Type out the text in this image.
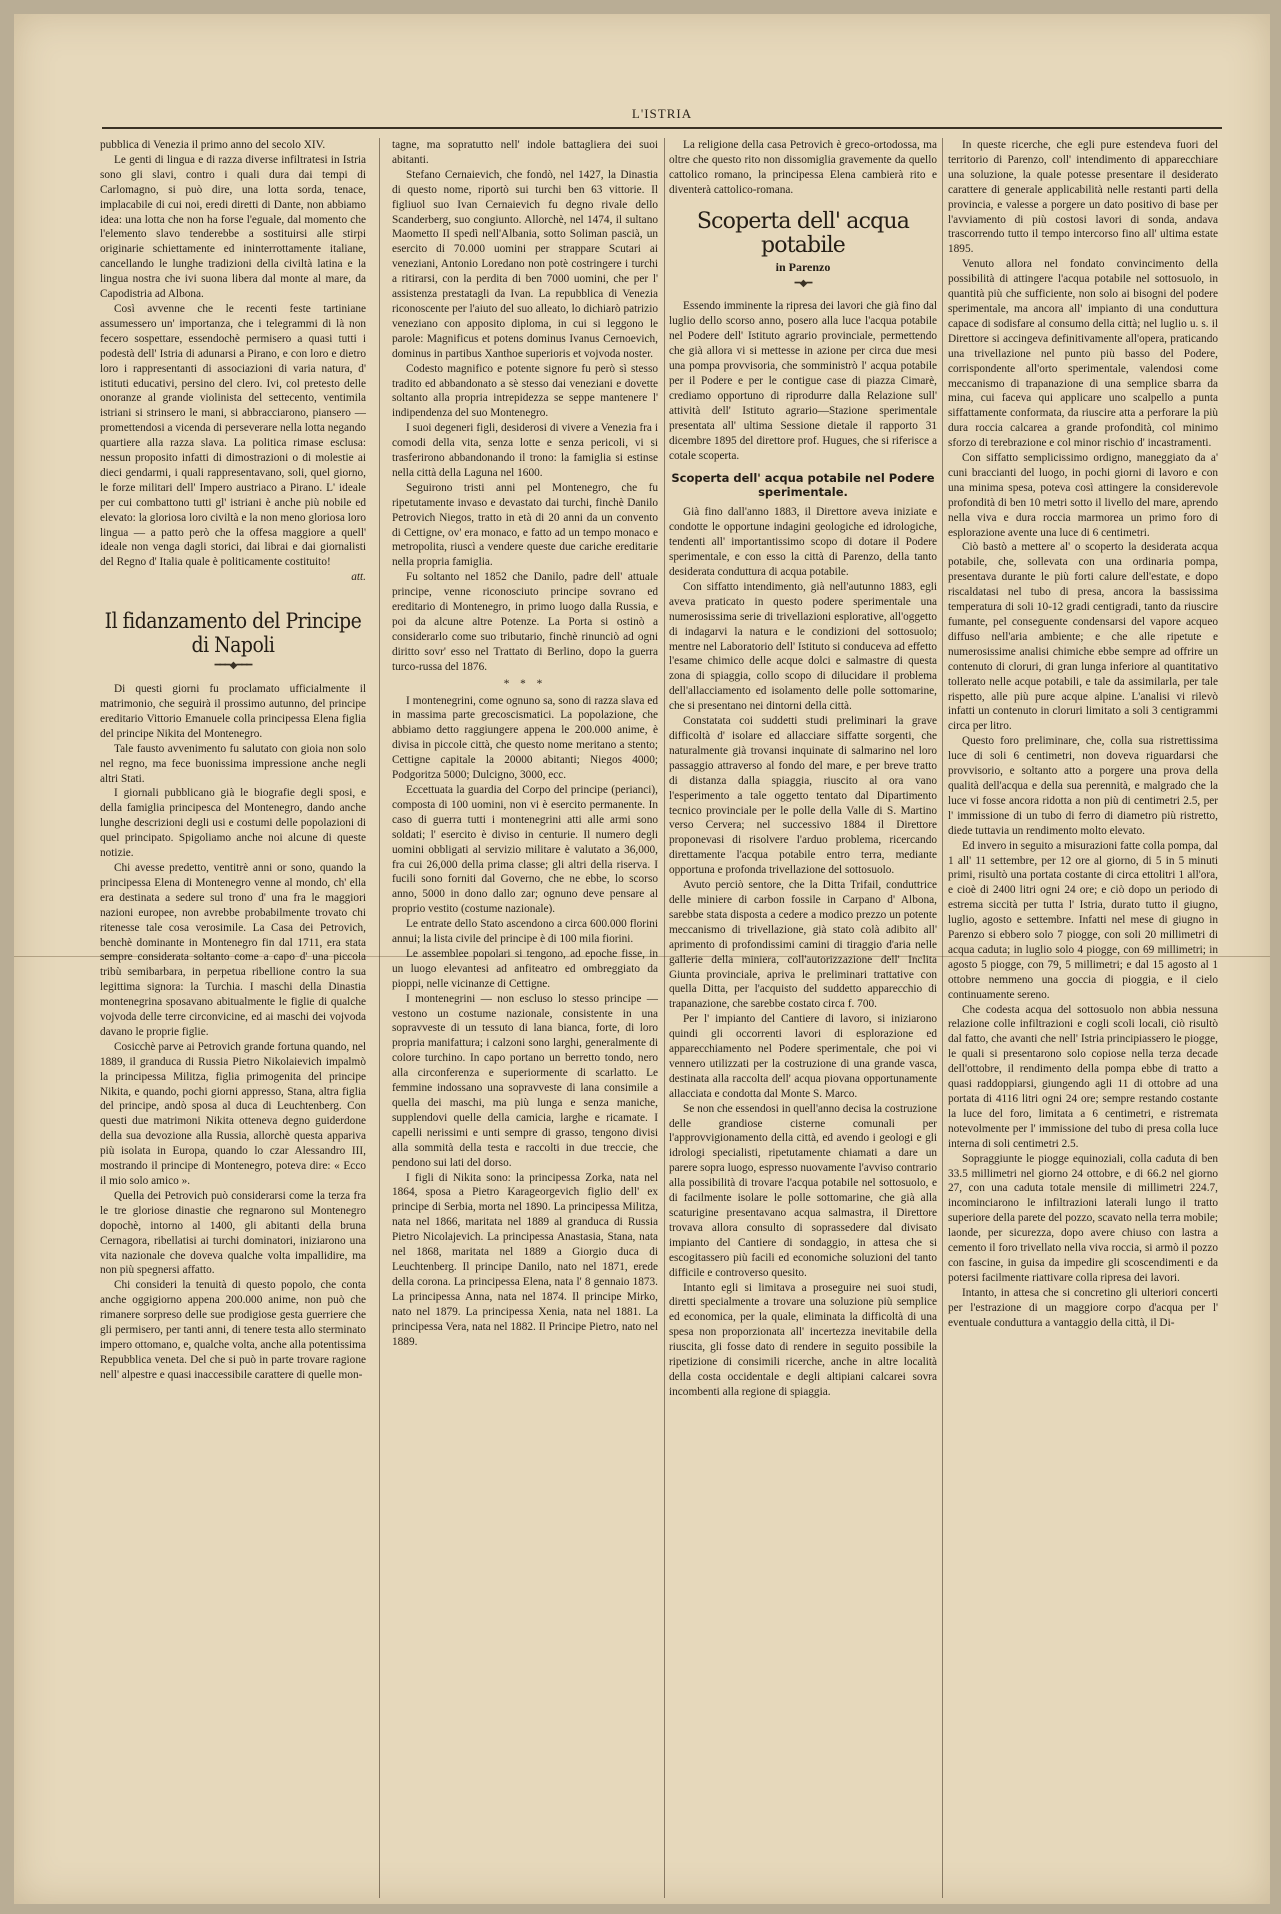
L'ISTRIA

pubblica di Venezia il primo anno del secolo XIV.

Le genti di lingua e di razza diverse infiltratesi in Istria sono gli slavi, contro i quali dura dai tempi di Carlomagno, si può dire, una lotta sorda, tenace, implacabile di cui noi, eredi diretti di Dante, non abbiamo idea: una lotta che non ha forse l'eguale, dal momento che l'elemento slavo tenderebbe a sostituirsi alle stirpi originarie schiettamente ed ininterrottamente italiane, cancellando le lunghe tradizioni della civiltà latina e la lingua nostra che ivi suona libera dal monte al mare, da Capodistria ad Albona.

Così avvenne che le recenti feste tartiniane assumessero un' importanza, che i telegrammi di là non fecero sospettare, essendochè permisero a quasi tutti i podestà dell' Istria di adunarsi a Pirano, e con loro e dietro loro i rappresentanti di associazioni di varia natura, d' istituti educativi, persino del clero. Ivi, col pretesto delle onoranze al grande violinista del settecento, ventimila istriani si strinsero le mani, si abbracciarono, piansero — promettendosi a vicenda di perseverare nella lotta negando quartiere alla razza slava. La politica rimase esclusa: nessun proposito infatti di dimostrazioni o di molestie ai dieci gendarmi, i quali rappresentavano, soli, quel giorno, le forze militari dell' Impero austriaco a Pirano. L' ideale per cui combattono tutti gl' istriani è anche più nobile ed elevato: la gloriosa loro civiltà e la non meno gloriosa loro lingua — a patto però che la offesa maggiore a quell' ideale non venga dagli storici, dai librai e dai giornalisti del Regno d' Italia quale è politicamente costituito!

att.

Il fidanzamento del Principe di Napoli
━━━◆━━━

Di questi giorni fu proclamato ufficialmente il matrimonio, che seguirà il prossimo autunno, del principe ereditario Vittorio Emanuele colla principessa Elena figlia del principe Nikita del Montenegro.

Tale fausto avvenimento fu salutato con gioia non solo nel regno, ma fece buonissima impressione anche negli altri Stati.

I giornali pubblicano già le biografie degli sposi, e della famiglia principesca del Montenegro, dando anche lunghe descrizioni degli usi e costumi delle popolazioni di quel principato. Spigoliamo anche noi alcune di queste notizie.

Chi avesse predetto, ventitrè anni or sono, quando la principessa Elena di Montenegro venne al mondo, ch' ella era destinata a sedere sul trono d' una fra le maggiori nazioni europee, non avrebbe probabilmente trovato chi ritenesse tale cosa verosimile. La Casa dei Petrovich, benchè dominante in Montenegro fin dal 1711, era stata sempre considerata soltanto come a capo d' una piccola tribù semibarbara, in perpetua ribellione contro la sua legittima signora: la Turchia. I maschi della Dinastia montenegrina sposavano abitualmente le figlie di qualche vojvoda delle terre circonvicine, ed ai maschi dei vojvoda davano le proprie figlie.

Cosicchè parve ai Petrovich grande fortuna quando, nel 1889, il granduca di Russia Pietro Nikolaievich impalmò la principessa Militza, figlia primogenita del principe Nikita, e quando, pochi giorni appresso, Stana, altra figlia del principe, andò sposa al duca di Leuchtenberg. Con questi due matrimoni Nikita otteneva degno guiderdone della sua devozione alla Russia, allorchè questa appariva più isolata in Europa, quando lo czar Alessandro III, mostrando il principe di Montenegro, poteva dire: « Ecco il mio solo amico ».

Quella dei Petrovich può considerarsi come la terza fra le tre gloriose dinastie che regnarono sul Montenegro dopochè, intorno al 1400, gli abitanti della bruna Cernagora, ribellatisi ai turchi dominatori, iniziarono una vita nazionale che doveva qualche volta impallidire, ma non più spegnersi affatto.

Chi consideri la tenuità di questo popolo, che conta anche oggigiorno appena 200.000 anime, non può che rimanere sorpreso delle sue prodigiose gesta guerriere che gli permisero, per tanti anni, di tenere testa allo sterminato impero ottomano, e, qualche volta, anche alla potentissima Repubblica veneta. Del che si può in parte trovare ragione nell' alpestre e quasi inaccessibile carattere di quelle mon-

tagne, ma sopratutto nell' indole battagliera dei suoi abitanti.

Stefano Cernaievich, che fondò, nel 1427, la Dinastia di questo nome, riportò sui turchi ben 63 vittorie. Il figliuol suo Ivan Cernaievich fu degno rivale dello Scanderberg, suo congiunto. Allorchè, nel 1474, il sultano Maometto II spedì nell'Albania, sotto Soliman pascià, un esercito di 70.000 uomini per strappare Scutari ai veneziani, Antonio Loredano non potè costringere i turchi a ritirarsi, con la perdita di ben 7000 uomini, che per l' assistenza prestatagli da Ivan. La repubblica di Venezia riconoscente per l'aiuto del suo alleato, lo dichiarò patrizio veneziano con apposito diploma, in cui si leggono le parole: Magnificus et potens dominus Ivanus Cernoevich, dominus in partibus Xanthoe superioris et vojvoda noster.

Codesto magnifico e potente signore fu però sì stesso tradito ed abbandonato a sè stesso dai veneziani e dovette soltanto alla propria intrepidezza se seppe mantenere l' indipendenza del suo Montenegro.

I suoi degeneri figli, desiderosi di vivere a Venezia fra i comodi della vita, senza lotte e senza pericoli, vi si trasferirono abbandonando il trono: la famiglia si estinse nella città della Laguna nel 1600.

Seguirono tristi anni pel Montenegro, che fu ripetutamente invaso e devastato dai turchi, finchè Danilo Petrovich Niegos, tratto in età di 20 anni da un convento di Cettigne, ov' era monaco, e fatto ad un tempo monaco e metropolita, riuscì a vendere queste due cariche ereditarie nella propria famiglia.

Fu soltanto nel 1852 che Danilo, padre dell' attuale principe, venne riconosciuto principe sovrano ed ereditario di Montenegro, in primo luogo dalla Russia, e poi da alcune altre Potenze. La Porta si ostinò a considerarlo come suo tributario, finchè rinunciò ad ogni diritto sovr' esso nel Trattato di Berlino, dopo la guerra turco-russa del 1876.

* * *

I montenegrini, come ognuno sa, sono di razza slava ed in massima parte grecoscismatici. La popolazione, che abbiamo detto raggiungere appena le 200.000 anime, è divisa in piccole città, che questo nome meritano a stento; Cettigne capitale la 20000 abitanti; Niegos 4000; Podgoritza 5000; Dulcigno, 3000, ecc.

Eccettuata la guardia del Corpo del principe (perianci), composta di 100 uomini, non vi è esercito permanente. In caso di guerra tutti i montenegrini atti alle armi sono soldati; l' esercito è diviso in centurie. Il numero degli uomini obbligati al servizio militare è valutato a 36,000, fra cui 26,000 della prima classe; gli altri della riserva. I fucili sono forniti dal Governo, che ne ebbe, lo scorso anno, 5000 in dono dallo zar; ognuno deve pensare al proprio vestito (costume nazionale).

Le entrate dello Stato ascendono a circa 600.000 florini annui; la lista civile del principe è di 100 mila fiorini.

Le assemblee popolari si tengono, ad epoche fisse, in un luogo elevantesi ad anfiteatro ed ombreggiato da pioppi, nelle vicinanze di Cettigne.

I montenegrini — non escluso lo stesso principe — vestono un costume nazionale, consistente in una sopravveste di un tessuto di lana bianca, forte, di loro propria manifattura; i calzoni sono larghi, generalmente di colore turchino. In capo portano un berretto tondo, nero alla circonferenza e superiormente di scarlatto. Le femmine indossano una sopravveste di lana consimile a quella dei maschi, ma più lunga e senza maniche, supplendovi quelle della camicia, larghe e ricamate. I capelli nerissimi e unti sempre di grasso, tengono divisi alla sommità della testa e raccolti in due treccie, che pendono sui lati del dorso.

I figli di Nikita sono: la principessa Zorka, nata nel 1864, sposa a Pietro Karageorgevich figlio dell' ex principe di Serbia, morta nel 1890. La principessa Militza, nata nel 1866, maritata nel 1889 al granduca di Russia Pietro Nicolajevich. La principessa Anastasia, Stana, nata nel 1868, maritata nel 1889 a Giorgio duca di Leuchtenberg. Il principe Danilo, nato nel 1871, erede della corona. La principessa Elena, nata l' 8 gennaio 1873. La principessa Anna, nata nel 1874. Il principe Mirko, nato nel 1879. La principessa Xenia, nata nel 1881. La principessa Vera, nata nel 1882. Il Principe Pietro, nato nel 1889.

La religione della casa Petrovich è greco-ortodossa, ma oltre che questo rito non dissomiglia gravemente da quello cattolico romano, la principessa Elena cambierà rito e diventerà cattolico-romana.

Scoperta dell' acqua potabile
in Parenzo
━◆━

Essendo imminente la ripresa dei lavori che già fino dal luglio dello scorso anno, posero alla luce l'acqua potabile nel Podere dell' Istituto agrario provinciale, permettendo che già allora vi si mettesse in azione per circa due mesi una pompa provvisoria, che somministrò l' acqua potabile per il Podere e per le contigue case di piazza Cimarè, crediamo opportuno di riprodurre dalla Relazione sull' attività dell' Istituto agrario—Stazione sperimentale presentata all' ultima Sessione dietale il rapporto 31 dicembre 1895 del direttore prof. Hugues, che si riferisce a cotale scoperta.

Scoperta dell' acqua potabile nel Podere sperimentale.

Già fino dall'anno 1883, il Direttore aveva iniziate e condotte le opportune indagini geologiche ed idrologiche, tendenti all' importantissimo scopo di dotare il Podere sperimentale, e con esso la città di Parenzo, della tanto desiderata conduttura di acqua potabile.

Con siffatto intendimento, già nell'autunno 1883, egli aveva praticato in questo podere sperimentale una numerosissima serie di trivellazioni esplorative, all'oggetto di indagarvi la natura e le condizioni del sottosuolo; mentre nel Laboratorio dell' Istituto si conduceva ad effetto l'esame chimico delle acque dolci e salmastre di questa zona di spiaggia, collo scopo di dilucidare il problema dell'allacciamento ed isolamento delle polle sottomarine, che si presentano nei dintorni della città.

Constatata coi suddetti studi preliminari la grave difficoltà d' isolare ed allacciare siffatte sorgenti, che naturalmente già trovansi inquinate di salmarino nel loro passaggio attraverso al fondo del mare, e per breve tratto di distanza dalla spiaggia, riuscito al ora vano l'esperimento a tale oggetto tentato dal Dipartimento tecnico provinciale per le polle della Valle di S. Martino verso Cervera; nel successivo 1884 il Direttore proponevasi di risolvere l'arduo problema, ricercando direttamente l'acqua potabile entro terra, mediante opportuna e profonda trivellazione del sottosuolo.

Avuto perciò sentore, che la Ditta Trifail, conduttrice delle miniere di carbon fossile in Carpano d' Albona, sarebbe stata disposta a cedere a modico prezzo un potente meccanismo di trivellazione, già stato colà adibito all' aprimento di profondissimi camini di tiraggio d'aria nelle gallerie della miniera, coll'autorizzazione dell' Inclita Giunta provinciale, apriva le preliminari trattative con quella Ditta, per l'acquisto del suddetto apparecchio di trapanazione, che sarebbe costato circa f. 700.

Per l' impianto del Cantiere di lavoro, si iniziarono quindi gli occorrenti lavori di esplorazione ed apparecchiamento nel Podere sperimentale, che poi vi vennero utilizzati per la costruzione di una grande vasca, destinata alla raccolta dell' acqua piovana opportunamente allacciata e condotta dal Monte S. Marco.

Se non che essendosi in quell'anno decisa la costruzione delle grandiose cisterne comunali per l'approvvigionamento della città, ed avendo i geologi e gli idrologi specialisti, ripetutamente chiamati a dare un parere sopra luogo, espresso nuovamente l'avviso contrario alla possibilità di trovare l'acqua potabile nel sottosuolo, e di facilmente isolare le polle sottomarine, che già alla scaturigine presentavano acqua salmastra, il Direttore trovava allora consulto di soprassedere dal divisato impianto del Cantiere di sondaggio, in attesa che si escogitassero più facili ed economiche soluzioni del tanto difficile e controverso quesito.

Intanto egli si limitava a proseguire nei suoi studi, diretti specialmente a trovare una soluzione più semplice ed economica, per la quale, eliminata la difficoltà di una spesa non proporzionata all' incertezza inevitabile della riuscita, gli fosse dato di rendere in seguito possibile la ripetizione di consimili ricerche, anche in altre località della costa occidentale e degli altipiani calcarei sovra incombenti alla regione di spiaggia.

In queste ricerche, che egli pure estendeva fuori del territorio di Parenzo, coll' intendimento di apparecchiare una soluzione, la quale potesse presentare il desiderato carattere di generale applicabilità nelle restanti parti della provincia, e valesse a porgere un dato positivo di base per l'avviamento di più costosi lavori di sonda, andava trascorrendo tutto il tempo intercorso fino all' ultima estate 1895.

Venuto allora nel fondato convincimento della possibilità di attingere l'acqua potabile nel sottosuolo, in quantità più che sufficiente, non solo ai bisogni del podere sperimentale, ma ancora all' impianto di una conduttura capace di sodisfare al consumo della città; nel luglio u. s. il Direttore si accingeva definitivamente all'opera, praticando una trivellazione nel punto più basso del Podere, corrispondente all'orto sperimentale, valendosi come meccanismo di trapanazione di una semplice sbarra da mina, cui faceva qui applicare uno scalpello a punta siffattamente conformata, da riuscire atta a perforare la più dura roccia calcarea a grande profondità, col minimo sforzo di terebrazione e col minor rischio d' incastramenti.

Con siffatto semplicissimo ordigno, maneggiato da a' cuni braccianti del luogo, in pochi giorni di lavoro e con una minima spesa, poteva così attingere la considerevole profondità di ben 10 metri sotto il livello del mare, aprendo nella viva e dura roccia marmorea un primo foro di esplorazione avente una luce di 6 centimetri.

Ciò bastò a mettere al' o scoperto la desiderata acqua potabile, che, sollevata con una ordinaria pompa, presentava durante le più forti calure dell'estate, e dopo riscaldatasi nel tubo di presa, ancora la bassissima temperatura di soli 10-12 gradi centigradi, tanto da riuscire fumante, pel conseguente condensarsi del vapore acqueo diffuso nell'aria ambiente; e che alle ripetute e numerosissime analisi chimiche ebbe sempre ad offrire un contenuto di cloruri, di gran lunga inferiore al quantitativo tollerato nelle acque potabili, e tale da assimilarla, per tale rispetto, alle più pure acque alpine. L'analisi vi rilevò infatti un contenuto in cloruri limitato a soli 3 centigrammi circa per litro.

Questo foro preliminare, che, colla sua ristrettissima luce di soli 6 centimetri, non doveva riguardarsi che provvisorio, e soltanto atto a porgere una prova della qualità dell'acqua e della sua perennità, e malgrado che la luce vi fosse ancora ridotta a non più di centimetri 2.5, per l' immissione di un tubo di ferro di diametro più ristretto, diede tuttavia un rendimento molto elevato.

Ed invero in seguito a misurazioni fatte colla pompa, dal 1 all' 11 settembre, per 12 ore al giorno, di 5 in 5 minuti primi, risultò una portata costante di circa ettolitri 1 all'ora, e cioè di 2400 litri ogni 24 ore; e ciò dopo un periodo di estrema siccità per tutta l' Istria, durato tutto il giugno, luglio, agosto e settembre. Infatti nel mese di giugno in Parenzo si ebbero solo 7 piogge, con soli 20 millimetri di acqua caduta; in luglio solo 4 piogge, con 69 millimetri; in agosto 5 piogge, con 79, 5 millimetri; e dal 15 agosto al 1 ottobre nemmeno una goccia di pioggia, e il cielo continuamente sereno.

Che codesta acqua del sottosuolo non abbia nessuna relazione colle infiltrazioni e cogli scoli locali, ciò risultò dal fatto, che avanti che nell' Istria principiassero le piogge, le quali si presentarono solo copiose nella terza decade dell'ottobre, il rendimento della pompa ebbe di tratto a quasi raddoppiarsi, giungendo agli 11 di ottobre ad una portata di 4116 litri ogni 24 ore; sempre restando costante la luce del foro, limitata a 6 centimetri, e ristremata notevolmente per l' immissione del tubo di presa colla luce interna di soli centimetri 2.5.

Sopraggiunte le piogge equinoziali, colla caduta di ben 33.5 millimetri nel giorno 24 ottobre, e di 66.2 nel giorno 27, con una caduta totale mensile di millimetri 224.7, incominciarono le infiltrazioni laterali lungo il tratto superiore della parete del pozzo, scavato nella terra mobile; laonde, per sicurezza, dopo avere chiuso con lastra a cemento il foro trivellato nella viva roccia, si armò il pozzo con fascine, in guisa da impedire gli scoscendimenti e da potersi facilmente riattivare colla ripresa dei lavori.

Intanto, in attesa che si concretino gli ulteriori concerti per l'estrazione di un maggiore corpo d'acqua per l' eventuale conduttura a vantaggio della città, il Di-
